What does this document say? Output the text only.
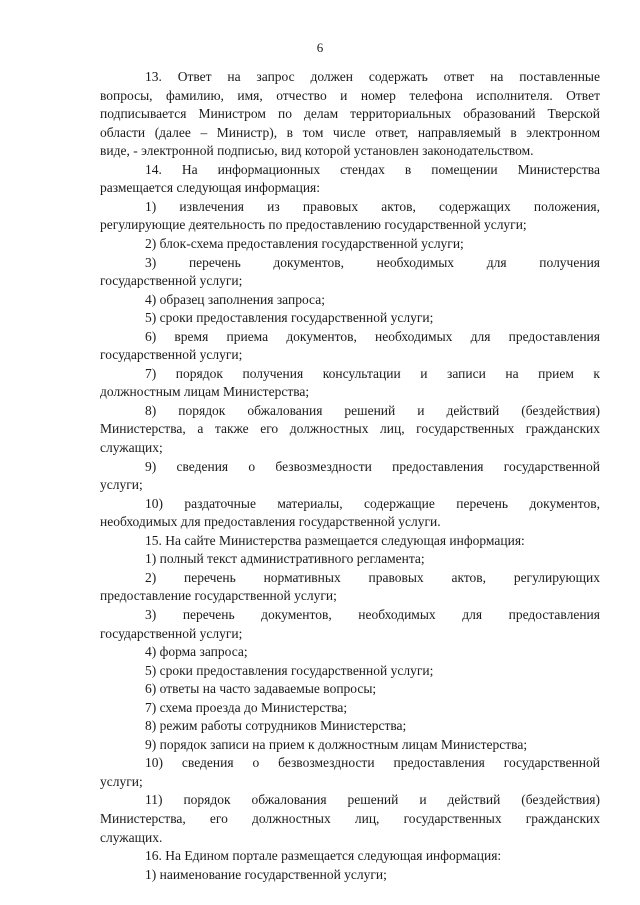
6
13. Ответ на запрос должен содержать ответ на поставленные
вопросы, фамилию, имя, отчество и номер телефона исполнителя. Ответ
подписывается Министром по делам территориальных образований Тверской
области (далее – Министр), в том числе ответ, направляемый в электронном
виде, - электронной подписью, вид которой установлен законодательством.
14. На информационных стендах в помещении Министерства
размещается следующая информация:
1) извлечения из правовых актов, содержащих положения,
регулирующие деятельность по предоставлению государственной услуги;
2) блок-схема предоставления государственной услуги;
3) перечень документов, необходимых для получения
государственной услуги;
4) образец заполнения запроса;
5) сроки предоставления государственной услуги;
6) время приема документов, необходимых для предоставления
государственной услуги;
7) порядок получения консультации и записи на прием к
должностным лицам Министерства;
8) порядок обжалования решений и действий (бездействия)
Министерства, а также его должностных лиц, государственных гражданских
служащих;
9) сведения о безвозмездности предоставления государственной
услуги;
10) раздаточные материалы, содержащие перечень документов,
необходимых для предоставления государственной услуги.
15. На сайте Министерства размещается следующая информация:
1) полный текст административного регламента;
2) перечень нормативных правовых актов, регулирующих
предоставление государственной услуги;
3) перечень документов, необходимых для предоставления
государственной услуги;
4) форма запроса;
5) сроки предоставления государственной услуги;
6) ответы на часто задаваемые вопросы;
7) схема проезда до Министерства;
8) режим работы сотрудников Министерства;
9) порядок записи на прием к должностным лицам Министерства;
10) сведения о безвозмездности предоставления государственной
услуги;
11) порядок обжалования решений и действий (бездействия)
Министерства, его должностных лиц, государственных гражданских
служащих.
16. На Едином портале размещается следующая информация:
1) наименование государственной услуги;
